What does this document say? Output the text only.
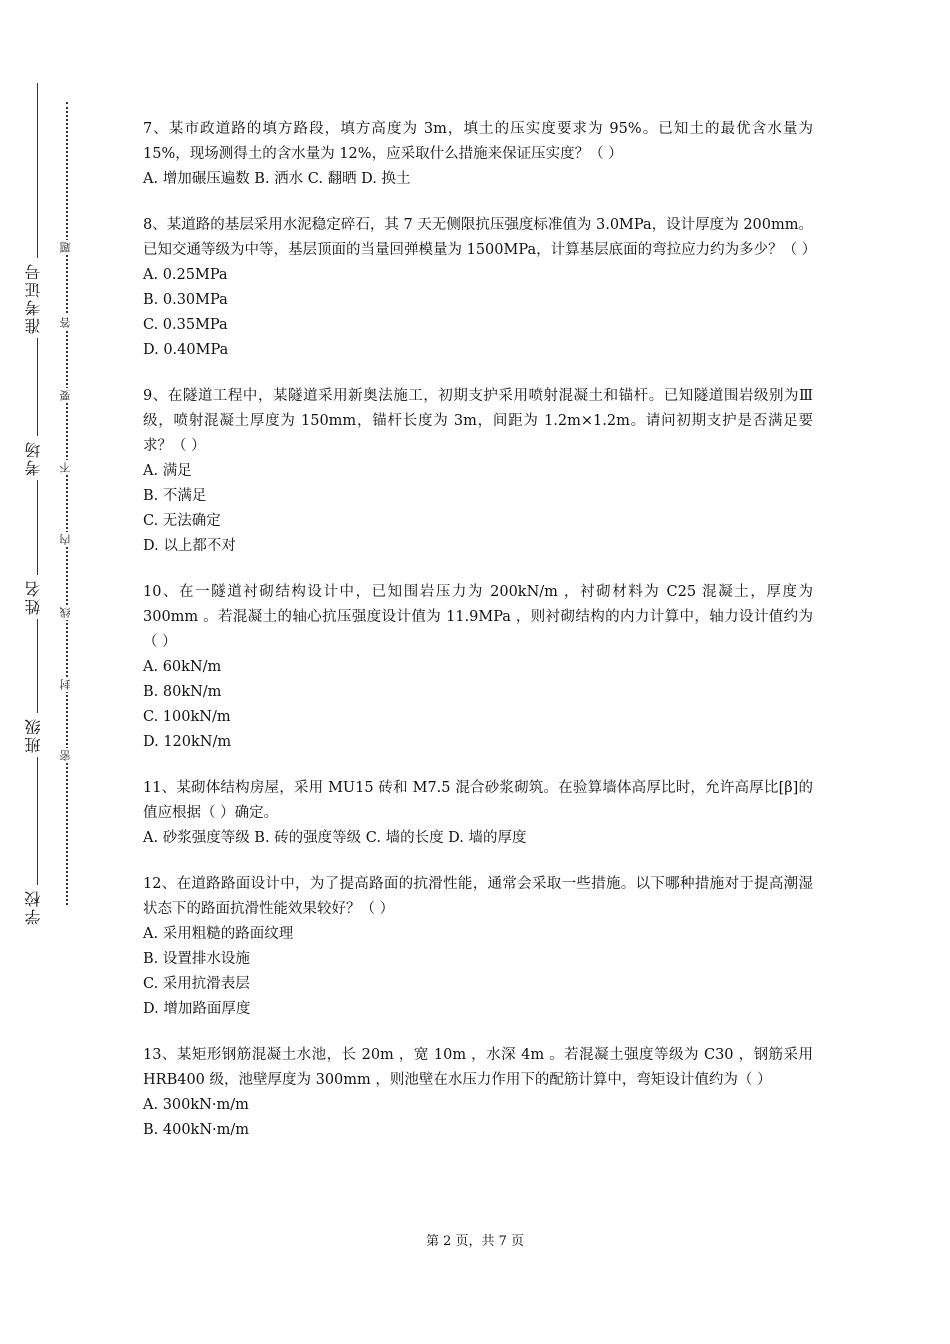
准考证号
考场
姓名
班级
学校
题
答
要
不
内
线
封
密

7、某市政道路的填方路段，填方高度为 3m，填土的压实度要求为 95%。已知土的最优含水量为 15%，现场测得土的含水量为 12%，应采取什么措施来保证压实度？（ ）

A. 增加碾压遍数 B. 洒水 C. 翻晒 D. 换土

8、某道路的基层采用水泥稳定碎石，其 7 天无侧限抗压强度标准值为 3.0MPa，设计厚度为 200mm。已知交通等级为中等，基层顶面的当量回弹模量为 1500MPa，计算基层底面的弯拉应力约为多少？（ ）

A. 0.25MPa
B. 0.30MPa
C. 0.35MPa
D. 0.40MPa

9、在隧道工程中，某隧道采用新奥法施工，初期支护采用喷射混凝土和锚杆。已知隧道围岩级别为Ⅲ级，喷射混凝土厚度为 150mm，锚杆长度为 3m，间距为 1.2m×1.2m。请问初期支护是否满足要求？（ ）

A. 满足
B. 不满足
C. 无法确定
D. 以上都不对

10、在一隧道衬砌结构设计中，已知围岩压力为 200kN/m ，衬砌材料为 C25 混凝土，厚度为 300mm 。若混凝土的轴心抗压强度设计值为 11.9MPa ，则衬砌结构的内力计算中，轴力设计值约为（ ）

A. 60kN/m
B. 80kN/m
C. 100kN/m
D. 120kN/m

11、某砌体结构房屋，采用 MU15 砖和 M7.5 混合砂浆砌筑。在验算墙体高厚比时，允许高厚比[β]的值应根据（ ）确定。

A. 砂浆强度等级 B. 砖的强度等级 C. 墙的长度 D. 墙的厚度

12、在道路路面设计中，为了提高路面的抗滑性能，通常会采取一些措施。以下哪种措施对于提高潮湿状态下的路面抗滑性能效果较好？（ ）

A. 采用粗糙的路面纹理
B. 设置排水设施
C. 采用抗滑表层
D. 增加路面厚度

13、某矩形钢筋混凝土水池，长 20m ，宽 10m ，水深 4m 。若混凝土强度等级为 C30 ，钢筋采用 HRB400 级，池壁厚度为 300mm ，则池壁在水压力作用下的配筋计算中，弯矩设计值约为（ ）

A. 300kN·m/m
B. 400kN·m/m
第 2 页，共 7 页
